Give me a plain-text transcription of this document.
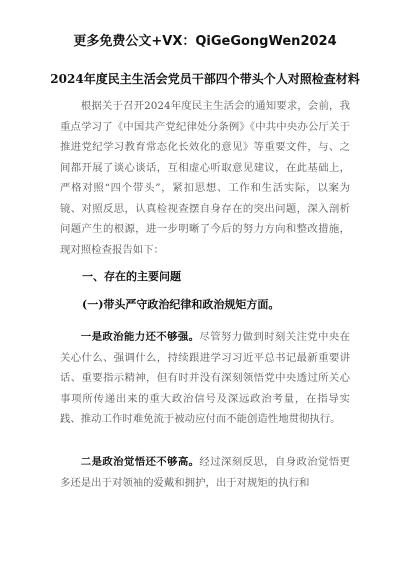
更多免费公文+VX：QiGeGongWen2024
2024年度民主生活会党员干部四个带头个人对照检查材料

根据关于召开2024年度民主生活会的通知要求，会前，我重点学习了《中国共产党纪律处分条例》《中共中央办公厅关于推进党纪学习教育常态化长效化的意见》等重要文件，与、之间都开展了谈心谈话，互相虚心听取意见建议，在此基础上，严格对照“四个带头”，紧扣思想、工作和生活实际，以案为镜、对照反思，认真检视查摆自身存在的突出问题，深入剖析问题产生的根源，进一步明晰了今后的努力方向和整改措施，现对照检查报告如下：

一、存在的主要问题

(一)带头严守政治纪律和政治规矩方面。

一是政治能力还不够强。尽管努力做到时刻关注党中央在关心什么、强调什么，持续跟进学习习近平总书记最新重要讲话、重要指示精神，但有时并没有深刻领悟党中央透过所关心事项所传递出来的重大政治信号及深远政治考量，在指导实践、推动工作时难免流于被动应付而不能创造性地贯彻执行。

二是政治觉悟还不够高。经过深刻反思，自身政治觉悟更多还是出于对领袖的爱戴和拥护，出于对规矩的执行和
